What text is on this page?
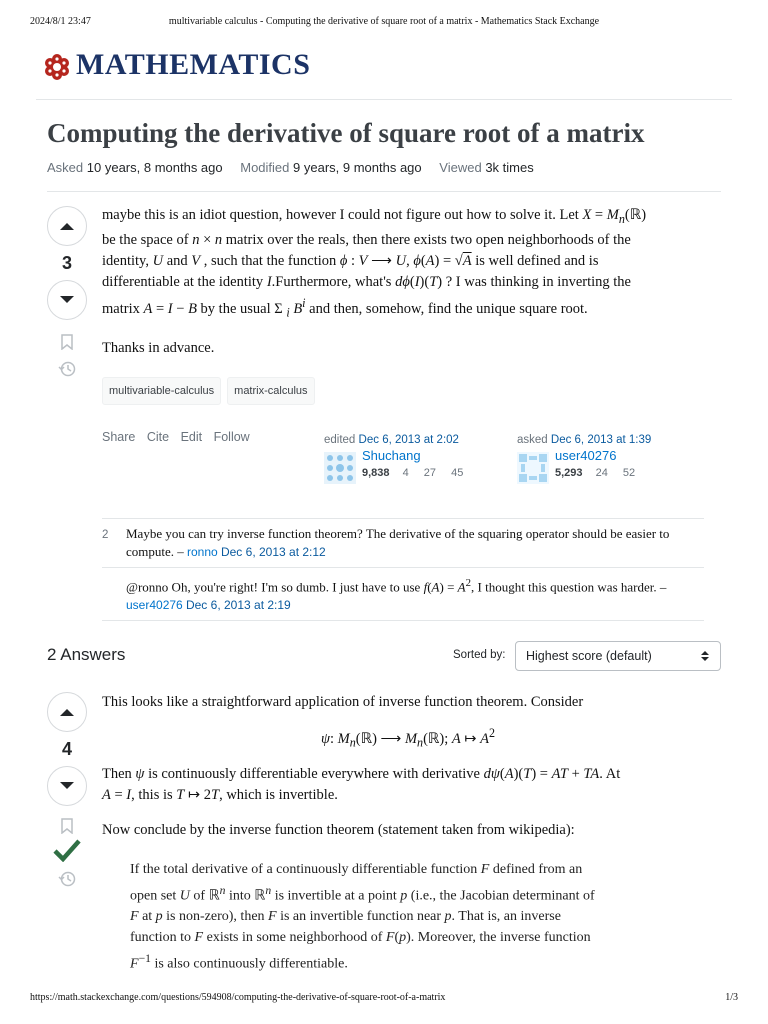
2024/8/1 23:47	multivariable calculus - Computing the derivative of square root of a matrix - Mathematics Stack Exchange
MATHEMATICS
Computing the derivative of square root of a matrix
Asked 10 years, 8 months ago Modified 9 years, 9 months ago Viewed 3k times
3
maybe this is an idiot question, however I could not figure out how to solve it. Let $X = M_n(ℝ)$
be the space of n × n matrix over the reals, then there exists two open neighborhoods of the
identity, U and V , such that the function ϕ : V ⟶ U, ϕ(A) = √A is well defined and is
differentiable at the identity I.Furthermore, what's dϕ(I)(T) ? I was thinking in inverting the
matrix A = I − B by the usual Σ $_i$ $B^i$ and then, somehow, find the unique square root.
Thanks in advance.
multivariable-calculus matrix-calculus
Share Cite Edit Follow	edited Dec 6, 2013 at 2:02
Shuchang
9,838 4 27 45
asked Dec 6, 2013 at 1:39
user40276
5,293 24 52
2 Maybe you can try inverse function theorem? The derivative of the squaring operator should be easier to compute. – ronno Dec 6, 2013 at 2:12
@ronno Oh, you're right! I'm so dumb. I just have to use $f(A) = A^2$, I thought this question was harder. – user40276 Dec 6, 2013 at 2:19
2 Answers	Sorted by:	Highest score (default)
4
This looks like a straightforward application of inverse function theorem. Consider
ψ: $M_n(ℝ)$ ⟶ $M_n(ℝ)$; A ↦ $A^2$
Then ψ is continuously differentiable everywhere with derivative dψ(A)(T) = AT + TA. At
A = I, this is T ↦ 2T, which is invertible.
Now conclude by the inverse function theorem (statement taken from wikipedia):
If the total derivative of a continuously differentiable function F defined from an
open set U of ℝ$^n$ into ℝ$^n$ is invertible at a point p (i.e., the Jacobian determinant of
F at p is non-zero), then F is an invertible function near p. That is, an inverse
function to F exists in some neighborhood of F(p). Moreover, the inverse function
$F^{-1}$ is also continuously differentiable.
https://math.stackexchange.com/questions/594908/computing-the-derivative-of-square-root-of-a-matrix	1/3
